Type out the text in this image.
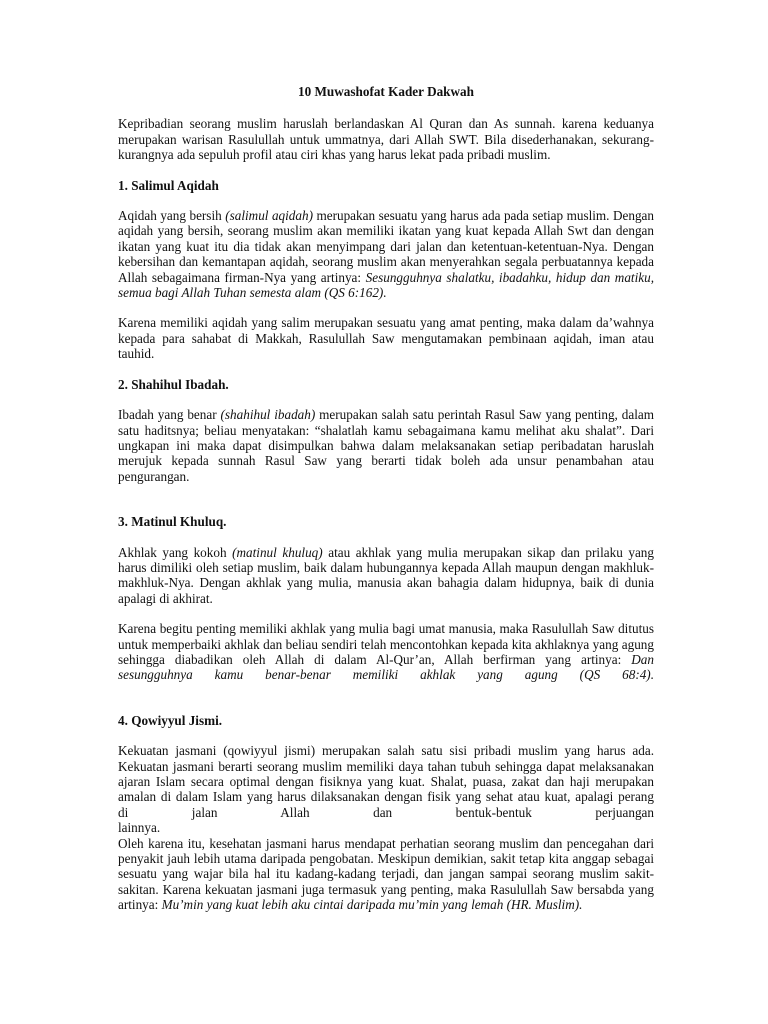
10 Muwashofat Kader Dakwah

Kepribadian seorang muslim haruslah berlandaskan Al Quran dan As sunnah. karena keduanya merupakan warisan Rasulullah untuk ummatnya, dari Allah SWT. Bila disederhanakan, sekurang-kurangnya ada sepuluh profil atau ciri khas yang harus lekat pada pribadi muslim.

1. Salimul Aqidah

Aqidah yang bersih (salimul aqidah) merupakan sesuatu yang harus ada pada setiap muslim. Dengan aqidah yang bersih, seorang muslim akan memiliki ikatan yang kuat kepada Allah Swt dan dengan ikatan yang kuat itu dia tidak akan menyimpang dari jalan dan ketentuan-ketentuan-Nya. Dengan kebersihan dan kemantapan aqidah, seorang muslim akan menyerahkan segala perbuatannya kepada Allah sebagaimana firman-Nya yang artinya: Sesungguhnya shalatku, ibadahku, hidup dan matiku, semua bagi Allah Tuhan semesta alam (QS 6:162).

Karena memiliki aqidah yang salim merupakan sesuatu yang amat penting, maka dalam da’wahnya kepada para sahabat di Makkah, Rasulullah Saw mengutamakan pembinaan aqidah, iman atau tauhid.

2. Shahihul Ibadah.

Ibadah yang benar (shahihul ibadah) merupakan salah satu perintah Rasul Saw yang penting, dalam satu haditsnya; beliau menyatakan: “shalatlah kamu sebagaimana kamu melihat aku shalat”. Dari ungkapan ini maka dapat disimpulkan bahwa dalam melaksanakan setiap peribadatan haruslah merujuk kepada sunnah Rasul Saw yang berarti tidak boleh ada unsur penambahan atau pengurangan.

3. Matinul Khuluq.

Akhlak yang kokoh (matinul khuluq) atau akhlak yang mulia merupakan sikap dan prilaku yang harus dimiliki oleh setiap muslim, baik dalam hubungannya kepada Allah maupun dengan makhluk-makhluk-Nya. Dengan akhlak yang mulia, manusia akan bahagia dalam hidupnya, baik di dunia apalagi di akhirat.

Karena begitu penting memiliki akhlak yang mulia bagi umat manusia, maka Rasulullah Saw ditutus untuk memperbaiki akhlak dan beliau sendiri telah mencontohkan kepada kita akhlaknya yang agung sehingga diabadikan oleh Allah di dalam Al-Qur’an, Allah berfirman yang artinya: Dan sesungguhnya kamu benar-benar memiliki akhlak yang agung (QS 68:4).

4. Qowiyyul Jismi.

Kekuatan jasmani (qowiyyul jismi) merupakan salah satu sisi pribadi muslim yang harus ada. Kekuatan jasmani berarti seorang muslim memiliki daya tahan tubuh sehingga dapat melaksanakan ajaran Islam secara optimal dengan fisiknya yang kuat. Shalat, puasa, zakat dan haji merupakan amalan di dalam Islam yang harus dilaksanakan dengan fisik yang sehat atau kuat, apalagi perang
di jalan Allah dan bentuk-bentuk perjuangan lainnya.
Oleh karena itu, kesehatan jasmani harus mendapat perhatian seorang muslim dan pencegahan dari penyakit jauh lebih utama daripada pengobatan. Meskipun demikian, sakit tetap kita anggap sebagai sesuatu yang wajar bila hal itu kadang-kadang terjadi, dan jangan sampai seorang muslim sakit-sakitan. Karena kekuatan jasmani juga termasuk yang penting, maka Rasulullah Saw bersabda yang artinya: Mu’min yang kuat lebih aku cintai daripada mu’min yang lemah (HR. Muslim).
